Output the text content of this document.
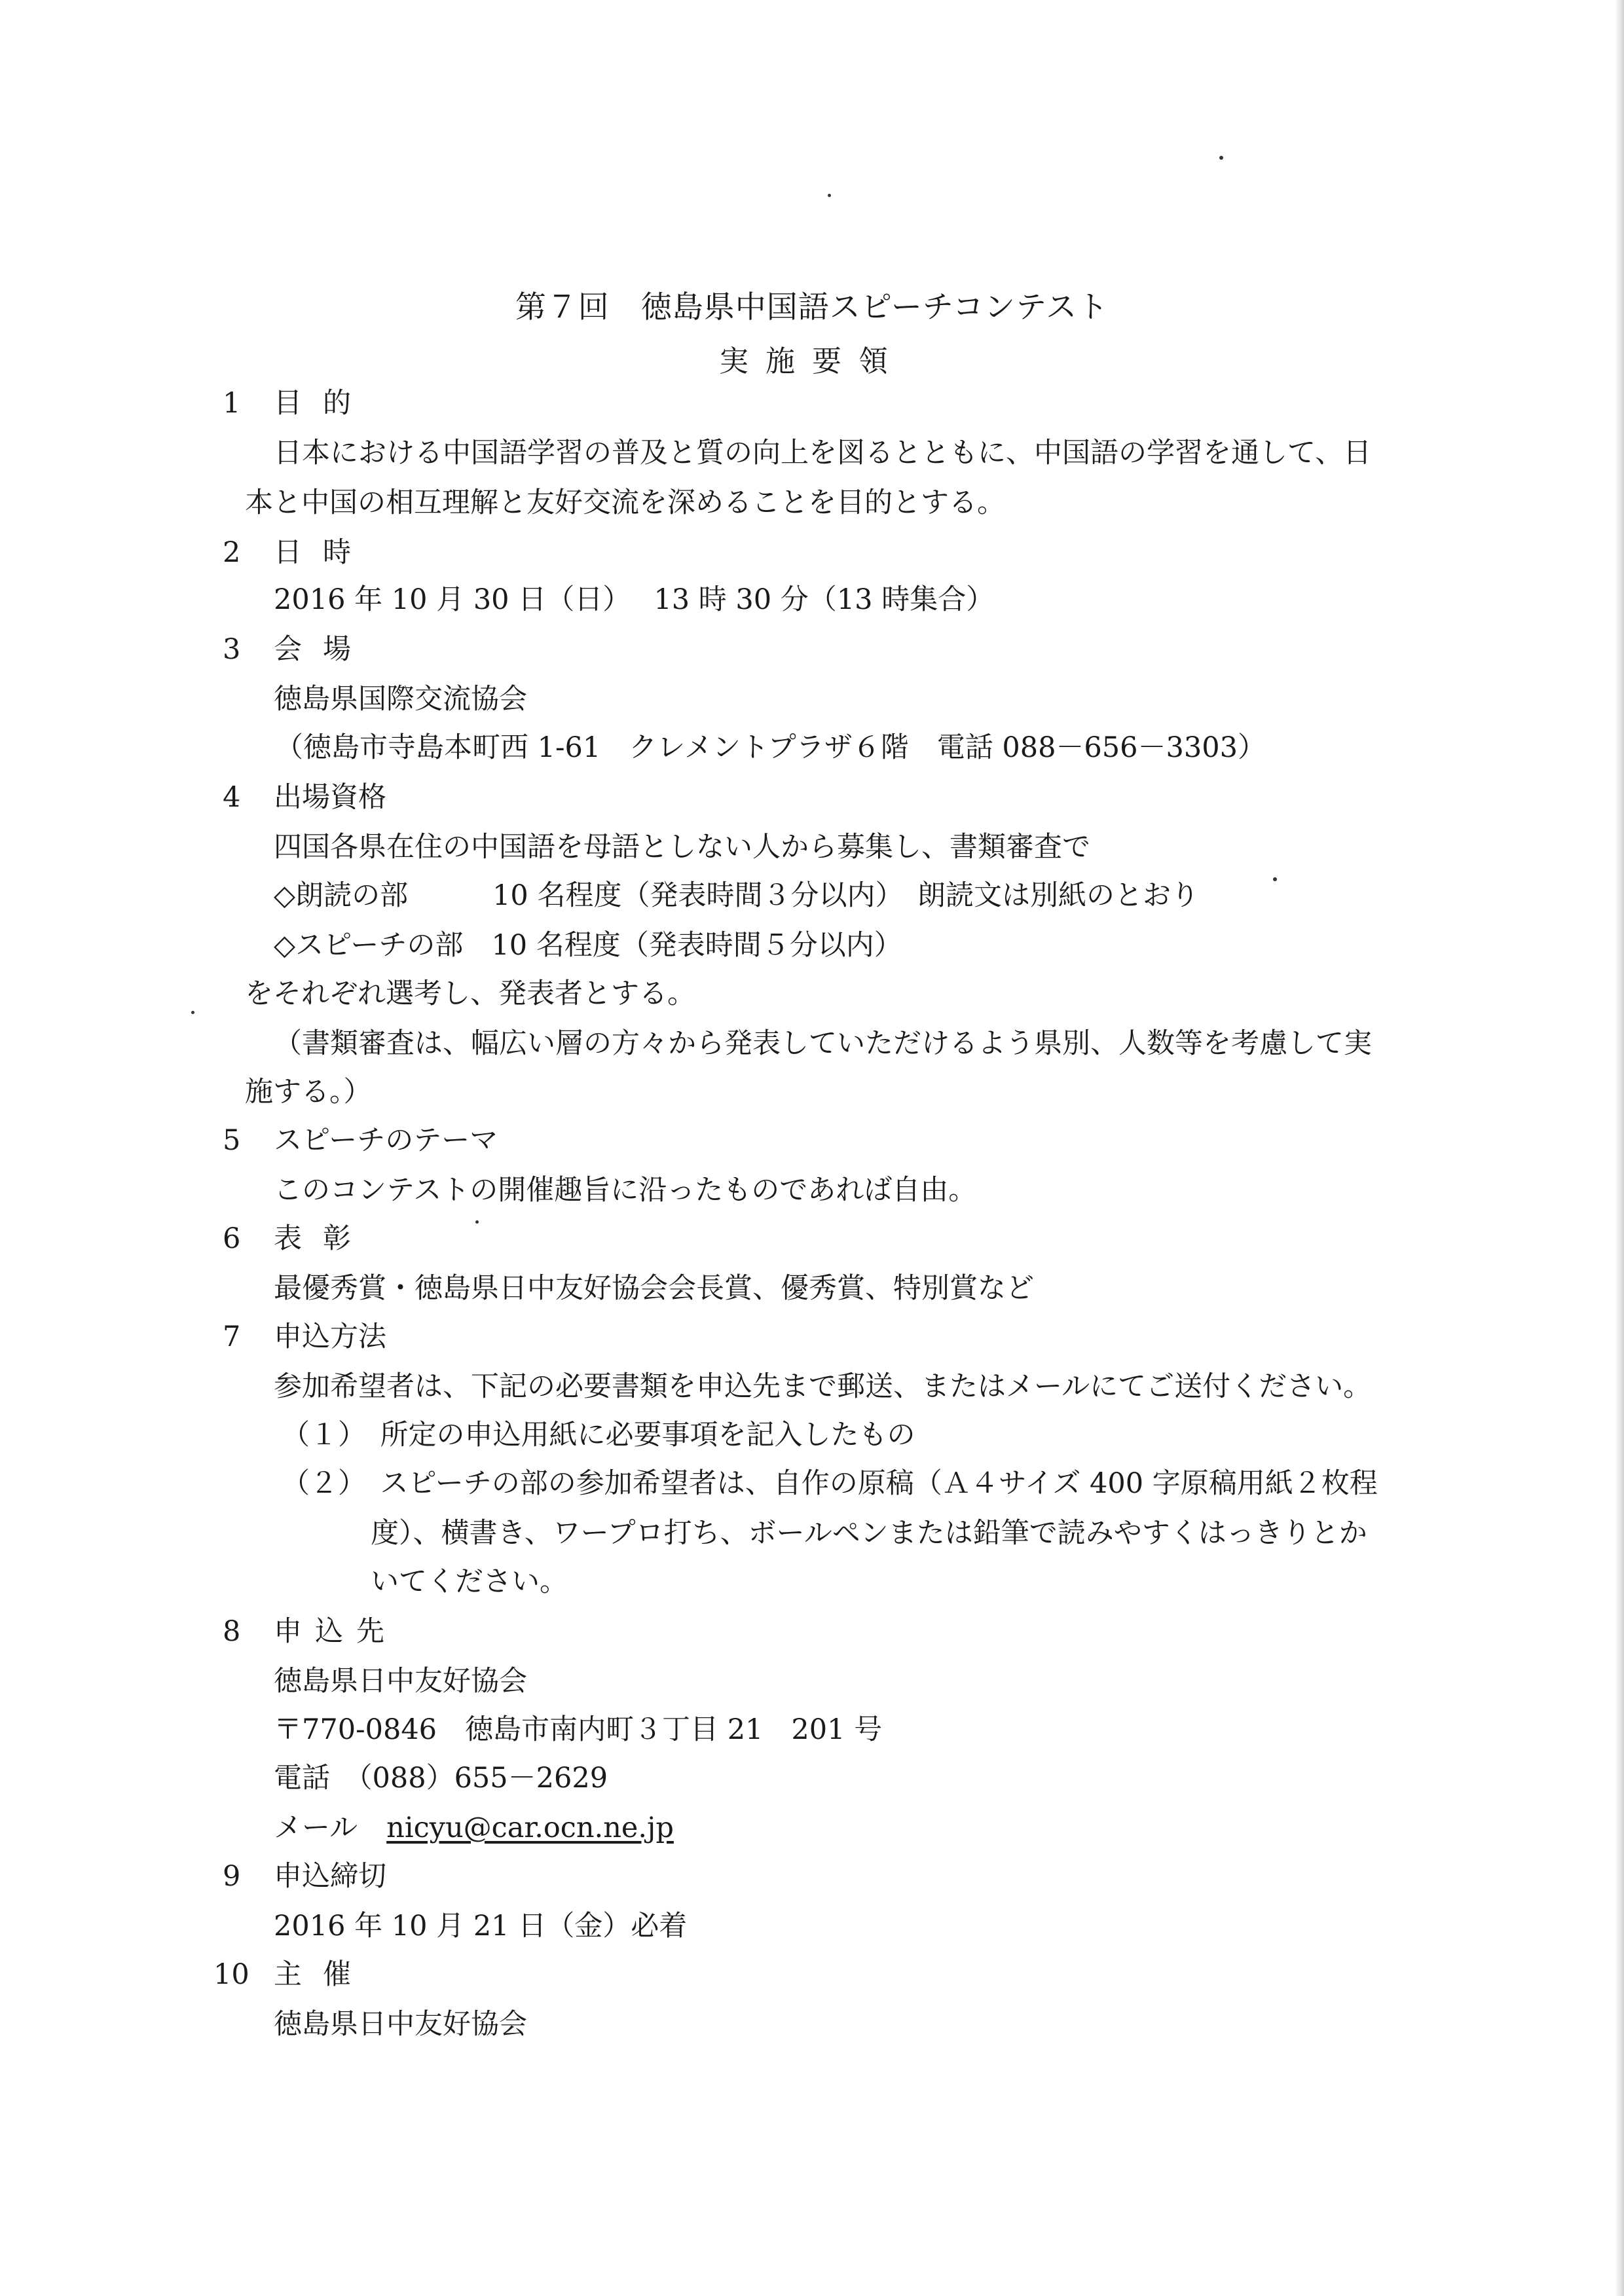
第７回　徳島県中国語スピーチコンテスト
実施要領
1 目的
日本における中国語学習の普及と質の向上を図るとともに、中国語の学習を通して、日
本と中国の相互理解と友好交流を深めることを目的とする。
2 日時
2016 年 10 月 30 日（日）　 13 時 30 分（13 時集合）
3 会場
徳島県国際交流協会
（徳島市寺島本町西 1-61　クレメントプラザ６階　電話 088－656－3303）
4 出場資格
四国各県在住の中国語を母語としない人から募集し、書類審査で
◇朗読の部　　　10 名程度（発表時間３分以内）　朗読文は別紙のとおり
◇スピーチの部　10 名程度（発表時間５分以内）
をそれぞれ選考し、発表者とする。
（書類審査は、幅広い層の方々から発表していただけるよう県別、人数等を考慮して実
施する。）
5 スピーチのテーマ
このコンテストの開催趣旨に沿ったものであれば自由。
6 表彰
最優秀賞・徳島県日中友好協会会長賞、優秀賞、特別賞など
7 申込方法
参加希望者は、下記の必要書類を申込先まで郵送、またはメールにてご送付ください。
（１）　所定の申込用紙に必要事項を記入したもの
（２）　スピーチの部の参加希望者は、自作の原稿（Ａ４サイズ 400 字原稿用紙２枚程
度）、横書き、ワープロ打ち、ボールペンまたは鉛筆で読みやすくはっきりとか
いてください。
8 申込先
徳島県日中友好協会
〒770-0846　徳島市南内町３丁目 21　201 号
電話　（088）655－2629
メール nicyu@car.ocn.ne.jp
9 申込締切
2016 年 10 月 21 日（金）必着
10 主催
徳島県日中友好協会
